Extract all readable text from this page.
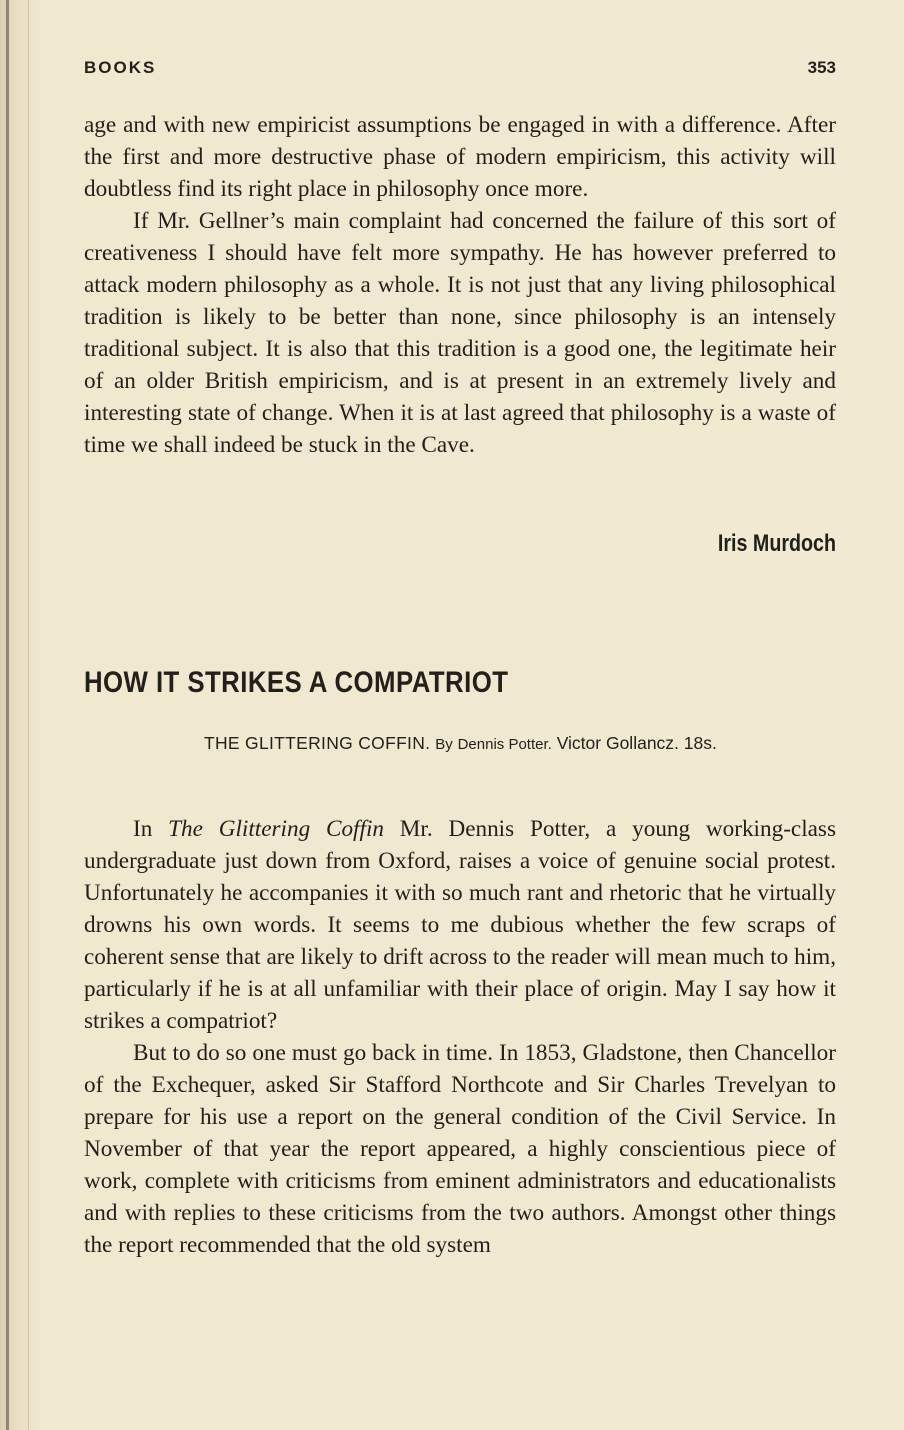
BOOKS	353

age and with new empiricist assumptions be engaged in with a difference. After the first and more destructive phase of modern empiricism, this activity will doubtless find its right place in philosophy once more.

If Mr. Gellner’s main complaint had concerned the failure of this sort of creativeness I should have felt more sympathy. He has however preferred to attack modern philosophy as a whole. It is not just that any living philosophical tradition is likely to be better than none, since philosophy is an intensely traditional subject. It is also that this tradition is a good one, the legitimate heir of an older British empiricism, and is at present in an extremely lively and interesting state of change. When it is at last agreed that philosophy is a waste of time we shall indeed be stuck in the Cave.

Iris Murdoch
HOW IT STRIKES A COMPATRIOT
THE GLITTERING COFFIN. By Dennis Potter. Victor Gollancz. 18s.

In The Glittering Coffin Mr. Dennis Potter, a young working-class undergraduate just down from Oxford, raises a voice of genuine social protest. Unfortunately he accompanies it with so much rant and rhetoric that he virtually drowns his own words. It seems to me dubious whether the few scraps of coherent sense that are likely to drift across to the reader will mean much to him, particularly if he is at all unfamiliar with their place of origin. May I say how it strikes a compatriot?

But to do so one must go back in time. In 1853, Gladstone, then Chancellor of the Exchequer, asked Sir Stafford Northcote and Sir Charles Trevelyan to prepare for his use a report on the general condition of the Civil Service. In November of that year the report appeared, a highly conscientious piece of work, complete with criticisms from eminent administrators and educationalists and with replies to these criticisms from the two authors. Amongst other things the report recommended that the old system
